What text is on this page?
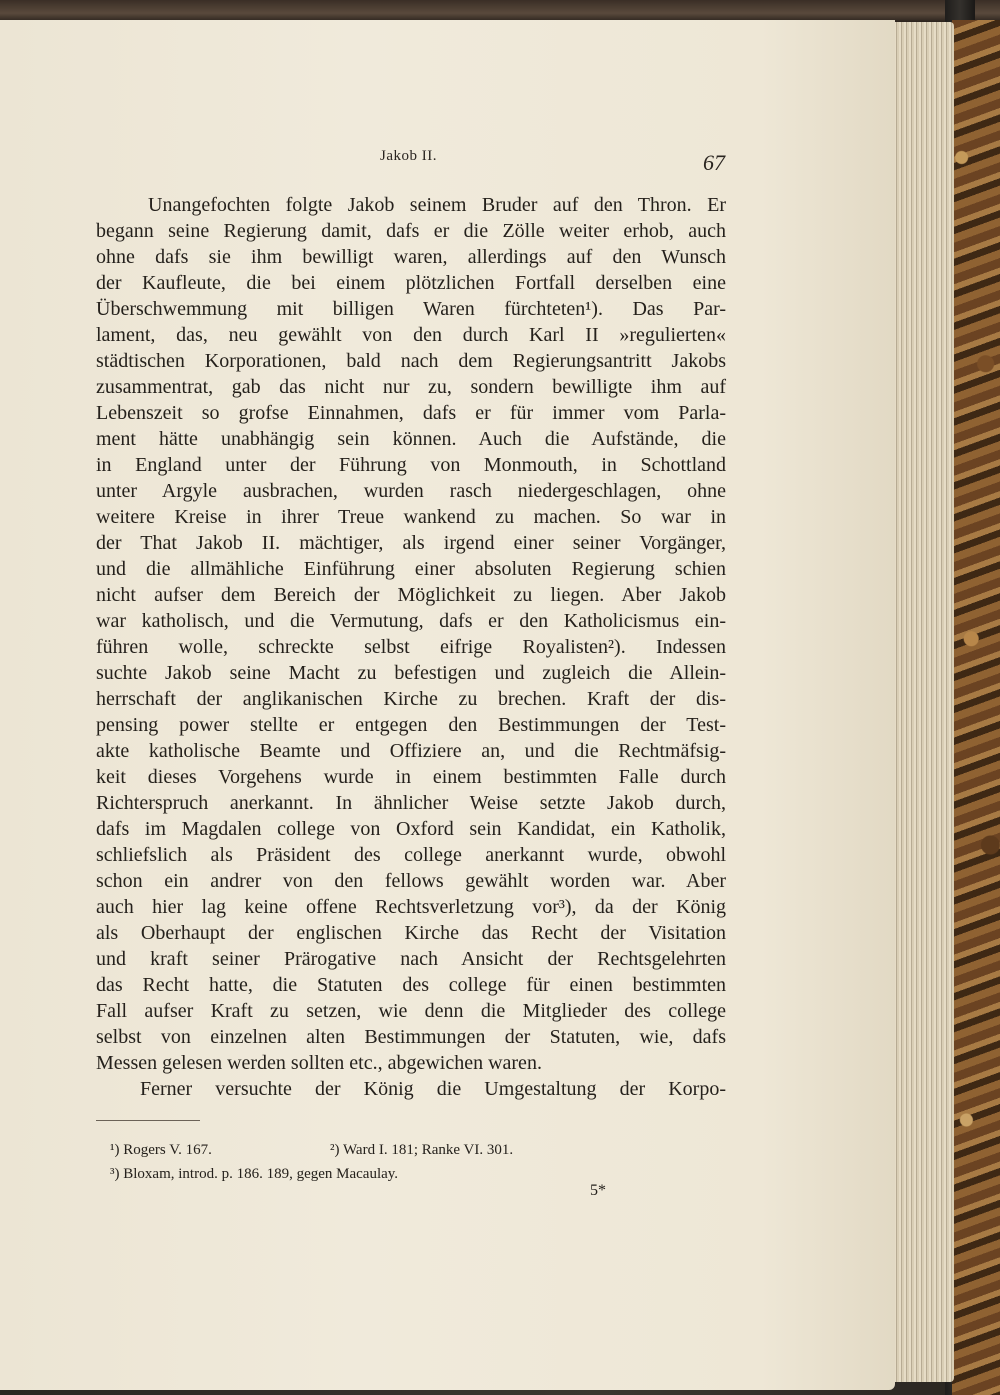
Jakob II.	67
Unangefochten folgte Jakob seinem Bruder auf den Thron. Er
begann seine Regierung damit, dafs er die Zölle weiter erhob, auch
ohne dafs sie ihm bewilligt waren, allerdings auf den Wunsch
der Kaufleute, die bei einem plötzlichen Fortfall derselben eine
Überschwemmung mit billigen Waren fürchteten¹). Das Par-
lament, das, neu gewählt von den durch Karl II »regulierten«
städtischen Korporationen, bald nach dem Regierungsantritt Jakobs
zusammentrat, gab das nicht nur zu, sondern bewilligte ihm auf
Lebenszeit so grofse Einnahmen, dafs er für immer vom Parla-
ment hätte unabhängig sein können. Auch die Aufstände, die
in England unter der Führung von Monmouth, in Schottland
unter Argyle ausbrachen, wurden rasch niedergeschlagen, ohne
weitere Kreise in ihrer Treue wankend zu machen. So war in
der That Jakob II. mächtiger, als irgend einer seiner Vorgänger,
und die allmähliche Einführung einer absoluten Regierung schien
nicht aufser dem Bereich der Möglichkeit zu liegen. Aber Jakob
war katholisch, und die Vermutung, dafs er den Katholicismus ein-
führen wolle, schreckte selbst eifrige Royalisten²). Indessen
suchte Jakob seine Macht zu befestigen und zugleich die Allein-
herrschaft der anglikanischen Kirche zu brechen. Kraft der dis-
pensing power stellte er entgegen den Bestimmungen der Test-
akte katholische Beamte und Offiziere an, und die Rechtmäfsig-
keit dieses Vorgehens wurde in einem bestimmten Falle durch
Richterspruch anerkannt. In ähnlicher Weise setzte Jakob durch,
dafs im Magdalen college von Oxford sein Kandidat, ein Katholik,
schliefslich als Präsident des college anerkannt wurde, obwohl
schon ein andrer von den fellows gewählt worden war. Aber
auch hier lag keine offene Rechtsverletzung vor³), da der König
als Oberhaupt der englischen Kirche das Recht der Visitation
und kraft seiner Prärogative nach Ansicht der Rechtsgelehrten
das Recht hatte, die Statuten des college für einen bestimmten
Fall aufser Kraft zu setzen, wie denn die Mitglieder des college
selbst von einzelnen alten Bestimmungen der Statuten, wie, dafs
Messen gelesen werden sollten etc., abgewichen waren.
Ferner versuchte der König die Umgestaltung der Korpo-
¹) Rogers V. 167.	²) Ward I. 181; Ranke VI. 301.
³) Bloxam, introd. p. 186. 189, gegen Macaulay.
5*
